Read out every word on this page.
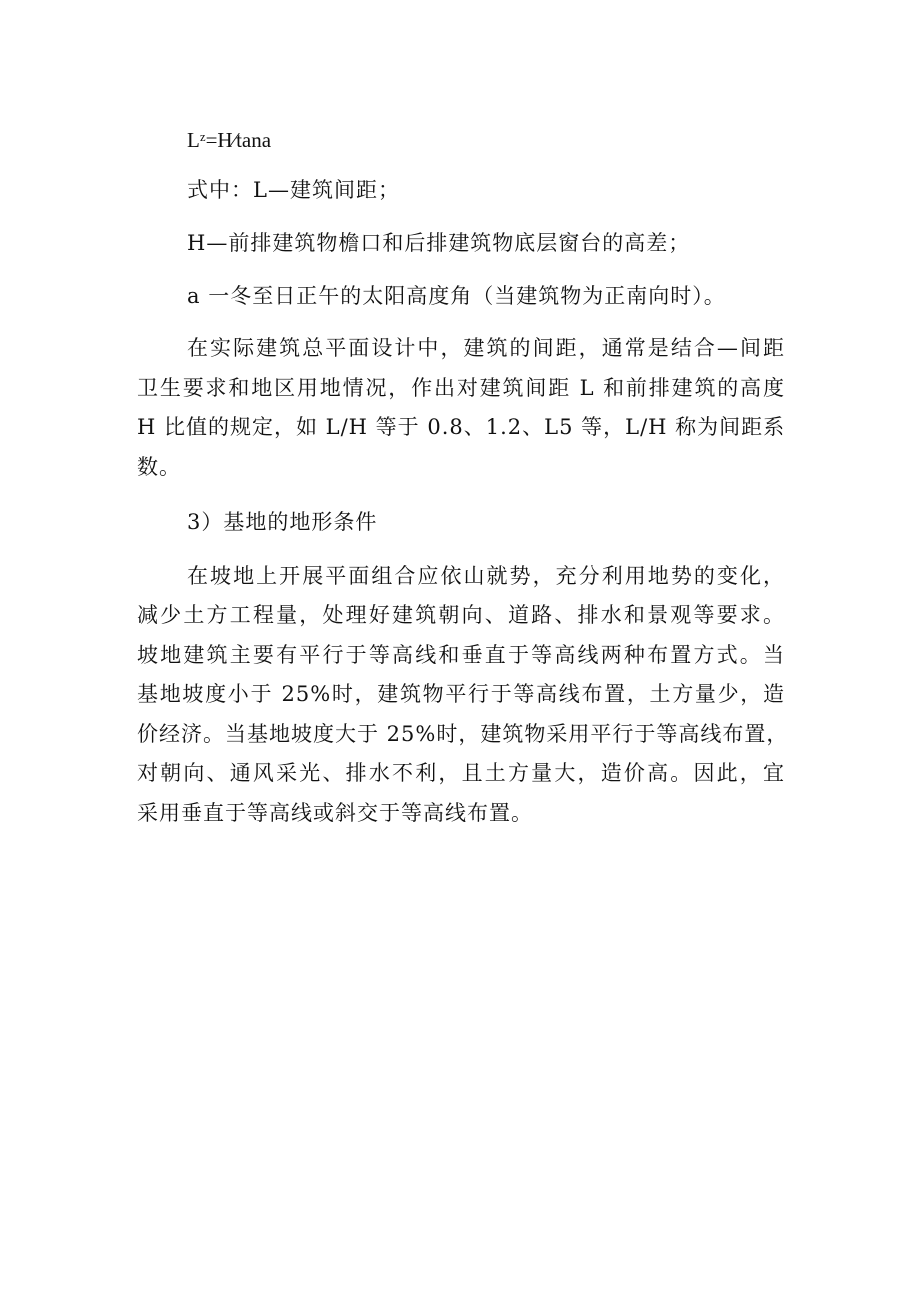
Lᶻ=H⁄tana
式中：L—建筑间距；
H—前排建筑物檐口和后排建筑物底层窗台的高差；
a 一冬至日正午的太阳高度角（当建筑物为正南向时）。
在实际建筑总平面设计中，建筑的间距，通常是结合—间距
卫生要求和地区用地情况，作出对建筑间距 L 和前排建筑的高度
H 比值的规定，如 L/H 等于 0.8、1.2、L5 等，L/H 称为间距系
数。
3）基地的地形条件
在坡地上开展平面组合应依山就势，充分利用地势的变化，
减少土方工程量，处理好建筑朝向、道路、排水和景观等要求。
坡地建筑主要有平行于等高线和垂直于等高线两种布置方式。当
基地坡度小于 25%时，建筑物平行于等高线布置，土方量少，造
价经济。当基地坡度大于 25%时，建筑物采用平行于等高线布置，
对朝向、通风采光、排水不利，且土方量大，造价高。因此，宜
采用垂直于等高线或斜交于等高线布置。
